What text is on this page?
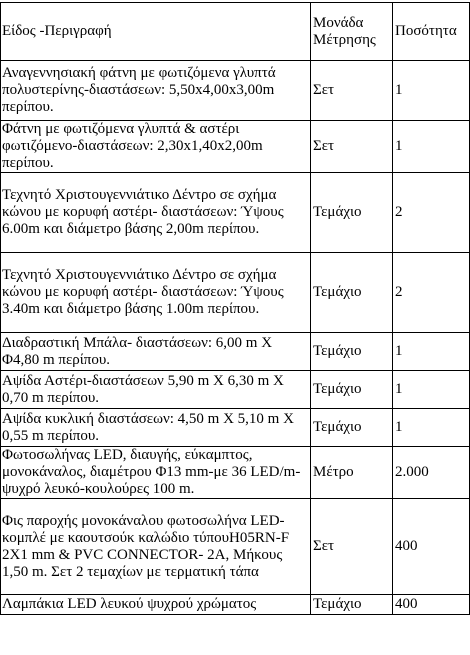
Είδος -Περιγραφή	Μονάδα Μέτρησης	Ποσότητα
Αναγεννησιακή φάτνη με φωτιζόμενα γλυπτά πολυστερίνης-διαστάσεων: 5,50x4,00x3,00m περίπου.	Σετ	1
Φάτνη με φωτιζόμενα γλυπτά & αστέρι φωτιζόμενο-διαστάσεων: 2,30x1,40x2,00m περίπου.	Σετ	1
Τεχνητό Χριστουγεννιάτικο Δέντρο σε σχήμα κώνου με κορυφή αστέρι- διαστάσεων: Ύψους 6.00m και διάμετρο βάσης 2,00m περίπου.	Τεμάχιο	2
Τεχνητό Χριστουγεννιάτικο Δέντρο σε σχήμα κώνου με κορυφή αστέρι- διαστάσεων: Ύψους 3.40m και διάμετρο βάσης 1.00m περίπου.	Τεμάχιο	2
Διαδραστική Μπάλα- διαστάσεων: 6,00 m Χ Φ4,80 m περίπου.	Τεμάχιο	1
Αψίδα Αστέρι-διαστάσεων 5,90 m Χ 6,30 m Χ 0,70 m περίπου.	Τεμάχιο	1
Αψίδα κυκλική διαστάσεων: 4,50 m Χ 5,10 m Χ 0,55 m περίπου.	Τεμάχιο	1
Φωτοσωλήνας LED, διαυγής, εύκαμπτος, μονοκάναλος, διαμέτρου Φ13 mm-με 36 LED/m-ψυχρό λευκό-κουλούρες 100 m.	Μέτρο	2.000
Φις παροχής μονοκάναλου φωτοσωλήνα LED-κομπλέ με καουτσούκ καλώδιο τύπουH05RN-F 2X1 mm & PVC CONNECTOR- 2A, Μήκους 1,50 m. Σετ 2 τεμαχίων με τερματική τάπα	Σετ	400
Λαμπάκια LED λευκού ψυχρού χρώματος	Τεμάχιο	400
